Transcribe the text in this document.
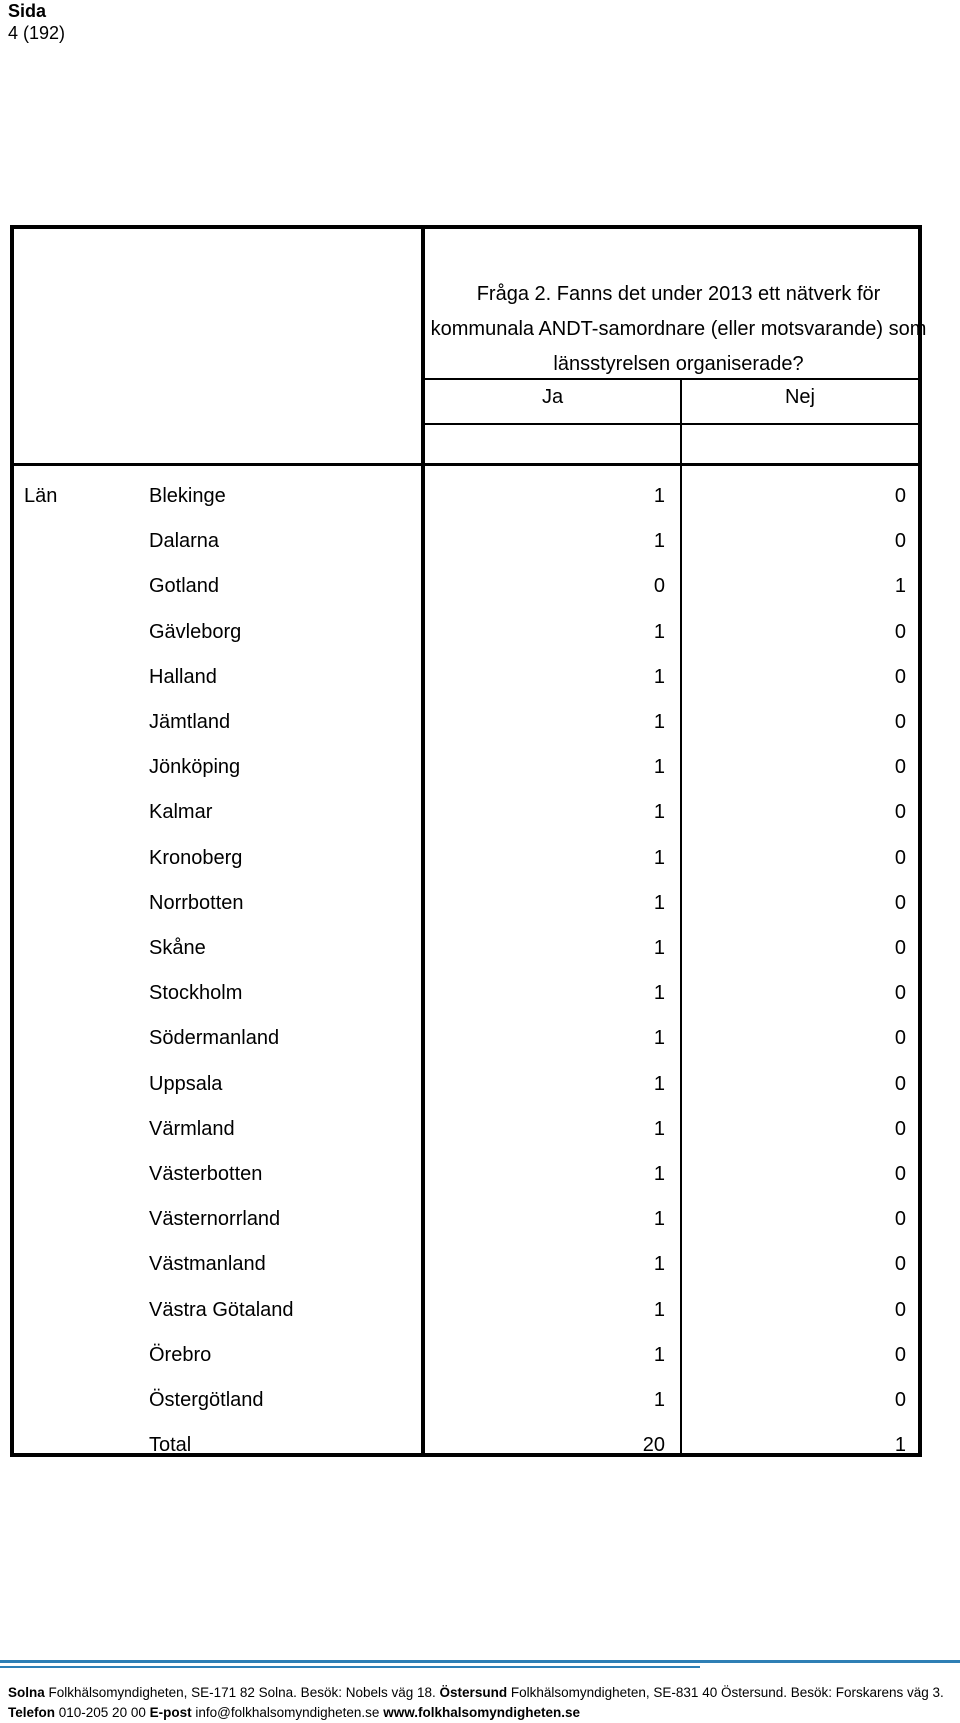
Sida
4 (192)
Fråga 2. Fanns det under 2013 ett nätverk för kommunala ANDT-samordnare (eller motsvarande) som länsstyrelsen organiserade?
Ja	Nej
Län	Blekinge	1	0
Dalarna	1	0
Gotland	0	1
Gävleborg	1	0
Halland	1	0
Jämtland	1	0
Jönköping	1	0
Kalmar	1	0
Kronoberg	1	0
Norrbotten	1	0
Skåne	1	0
Stockholm	1	0
Södermanland	1	0
Uppsala	1	0
Värmland	1	0
Västerbotten	1	0
Västernorrland	1	0
Västmanland	1	0
Västra Götaland	1	0
Örebro	1	0
Östergötland	1	0
Total	20	1
Solna Folkhälsomyndigheten, SE-171 82 Solna. Besök: Nobels väg 18. Östersund Folkhälsomyndigheten, SE-831 40 Östersund. Besök: Forskarens väg 3.
Telefon 010-205 20 00 E-post info@folkhalsomyndigheten.se www.folkhalsomyndigheten.se
